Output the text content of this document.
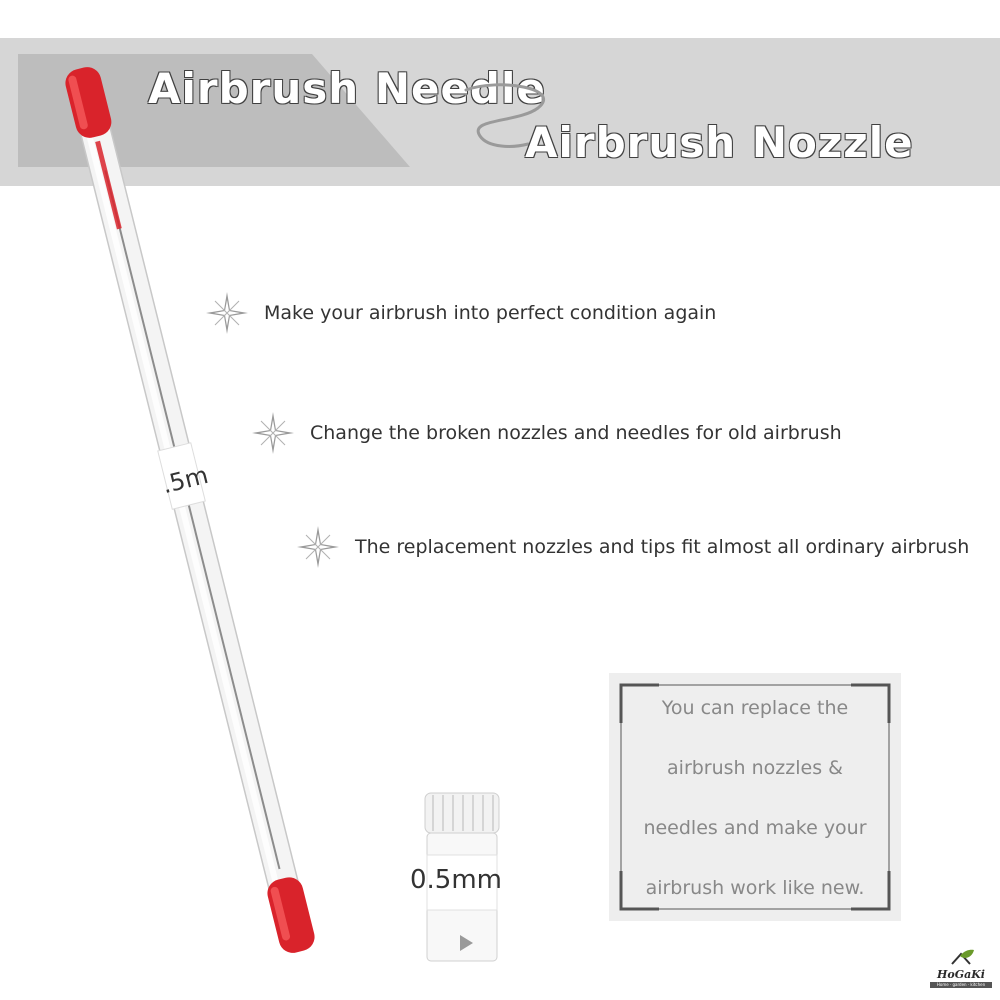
Airbrush Needle
Airbrush Nozzle
Make your airbrush into perfect condition again
Change the broken nozzles and needles for old airbrush
The replacement nozzles and tips fit almost all ordinary airbrush
.5m
0.5mm
You can replace the
airbrush nozzles &
needles and make your
airbrush work like new.
HoGaKi
Home · garden · kitchen
